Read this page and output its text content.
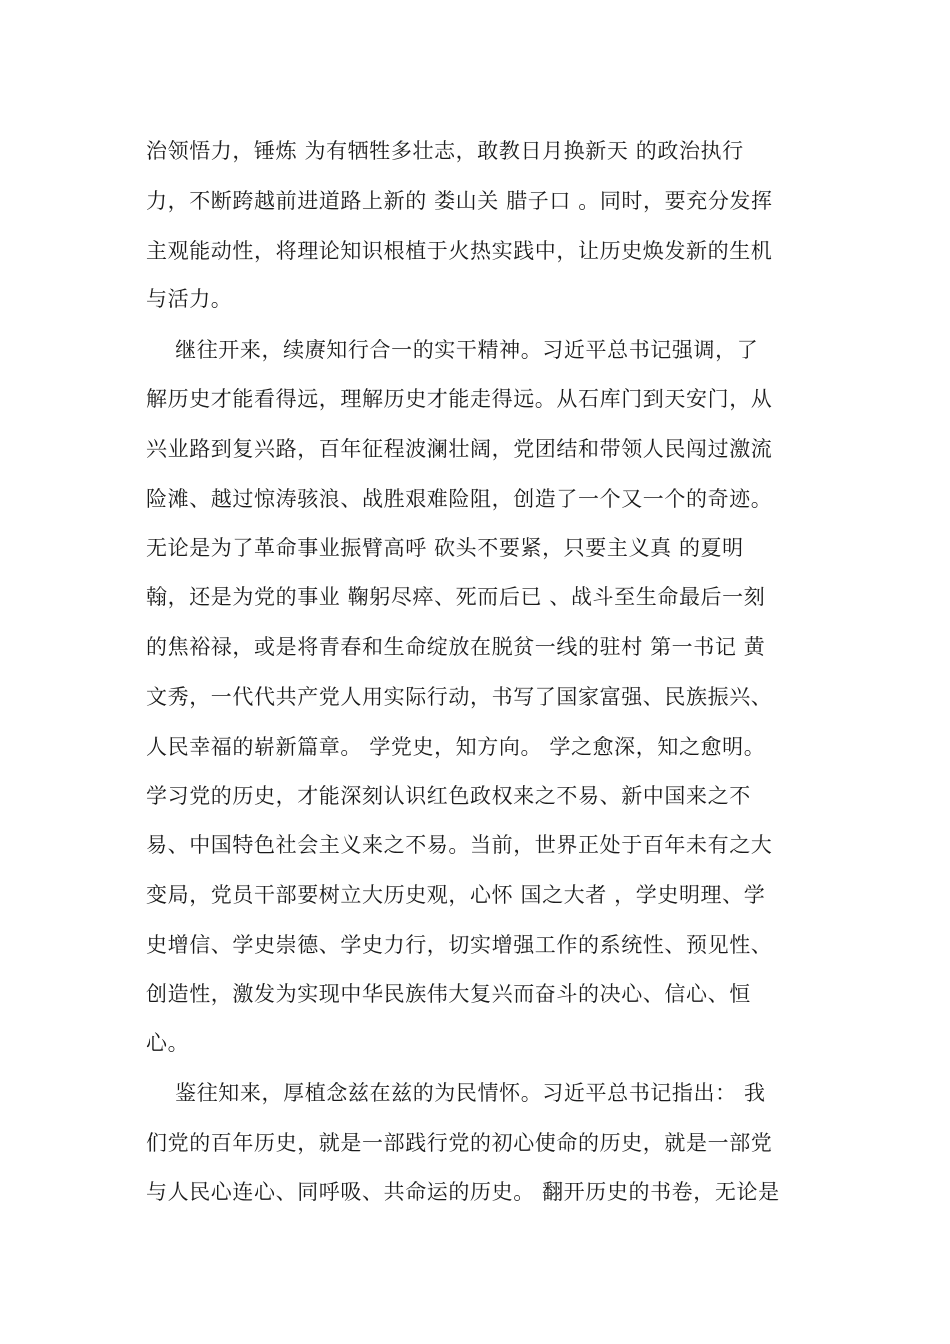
治领悟力，锤炼 为有牺牲多壮志，敢教日月换新天 的政治执行
力，不断跨越前进道路上新的 娄山关 腊子口 。同时，要充分发挥
主观能动性，将理论知识根植于火热实践中，让历史焕发新的生机
与活力。
继往开来，续赓知行合一的实干精神。习近平总书记强调，了
解历史才能看得远，理解历史才能走得远。从石库门到天安门，从
兴业路到复兴路，百年征程波澜壮阔，党团结和带领人民闯过激流
险滩、越过惊涛骇浪、战胜艰难险阻，创造了一个又一个的奇迹。
无论是为了革命事业振臂高呼 砍头不要紧，只要主义真 的夏明
翰，还是为党的事业 鞠躬尽瘁、死而后已 、战斗至生命最后一刻
的焦裕禄，或是将青春和生命绽放在脱贫一线的驻村 第一书记 黄
文秀，一代代共产党人用实际行动，书写了国家富强、民族振兴、
人民幸福的崭新篇章。 学党史，知方向。 学之愈深，知之愈明。
学习党的历史，才能深刻认识红色政权来之不易、新中国来之不
易、中国特色社会主义来之不易。当前，世界正处于百年未有之大
变局，党员干部要树立大历史观，心怀 国之大者 ，学史明理、学
史增信、学史崇德、学史力行，切实增强工作的系统性、预见性、
创造性，激发为实现中华民族伟大复兴而奋斗的决心、信心、恒
心。
鉴往知来，厚植念兹在兹的为民情怀。习近平总书记指出： 我
们党的百年历史，就是一部践行党的初心使命的历史，就是一部党
与人民心连心、同呼吸、共命运的历史。 翻开历史的书卷，无论是
